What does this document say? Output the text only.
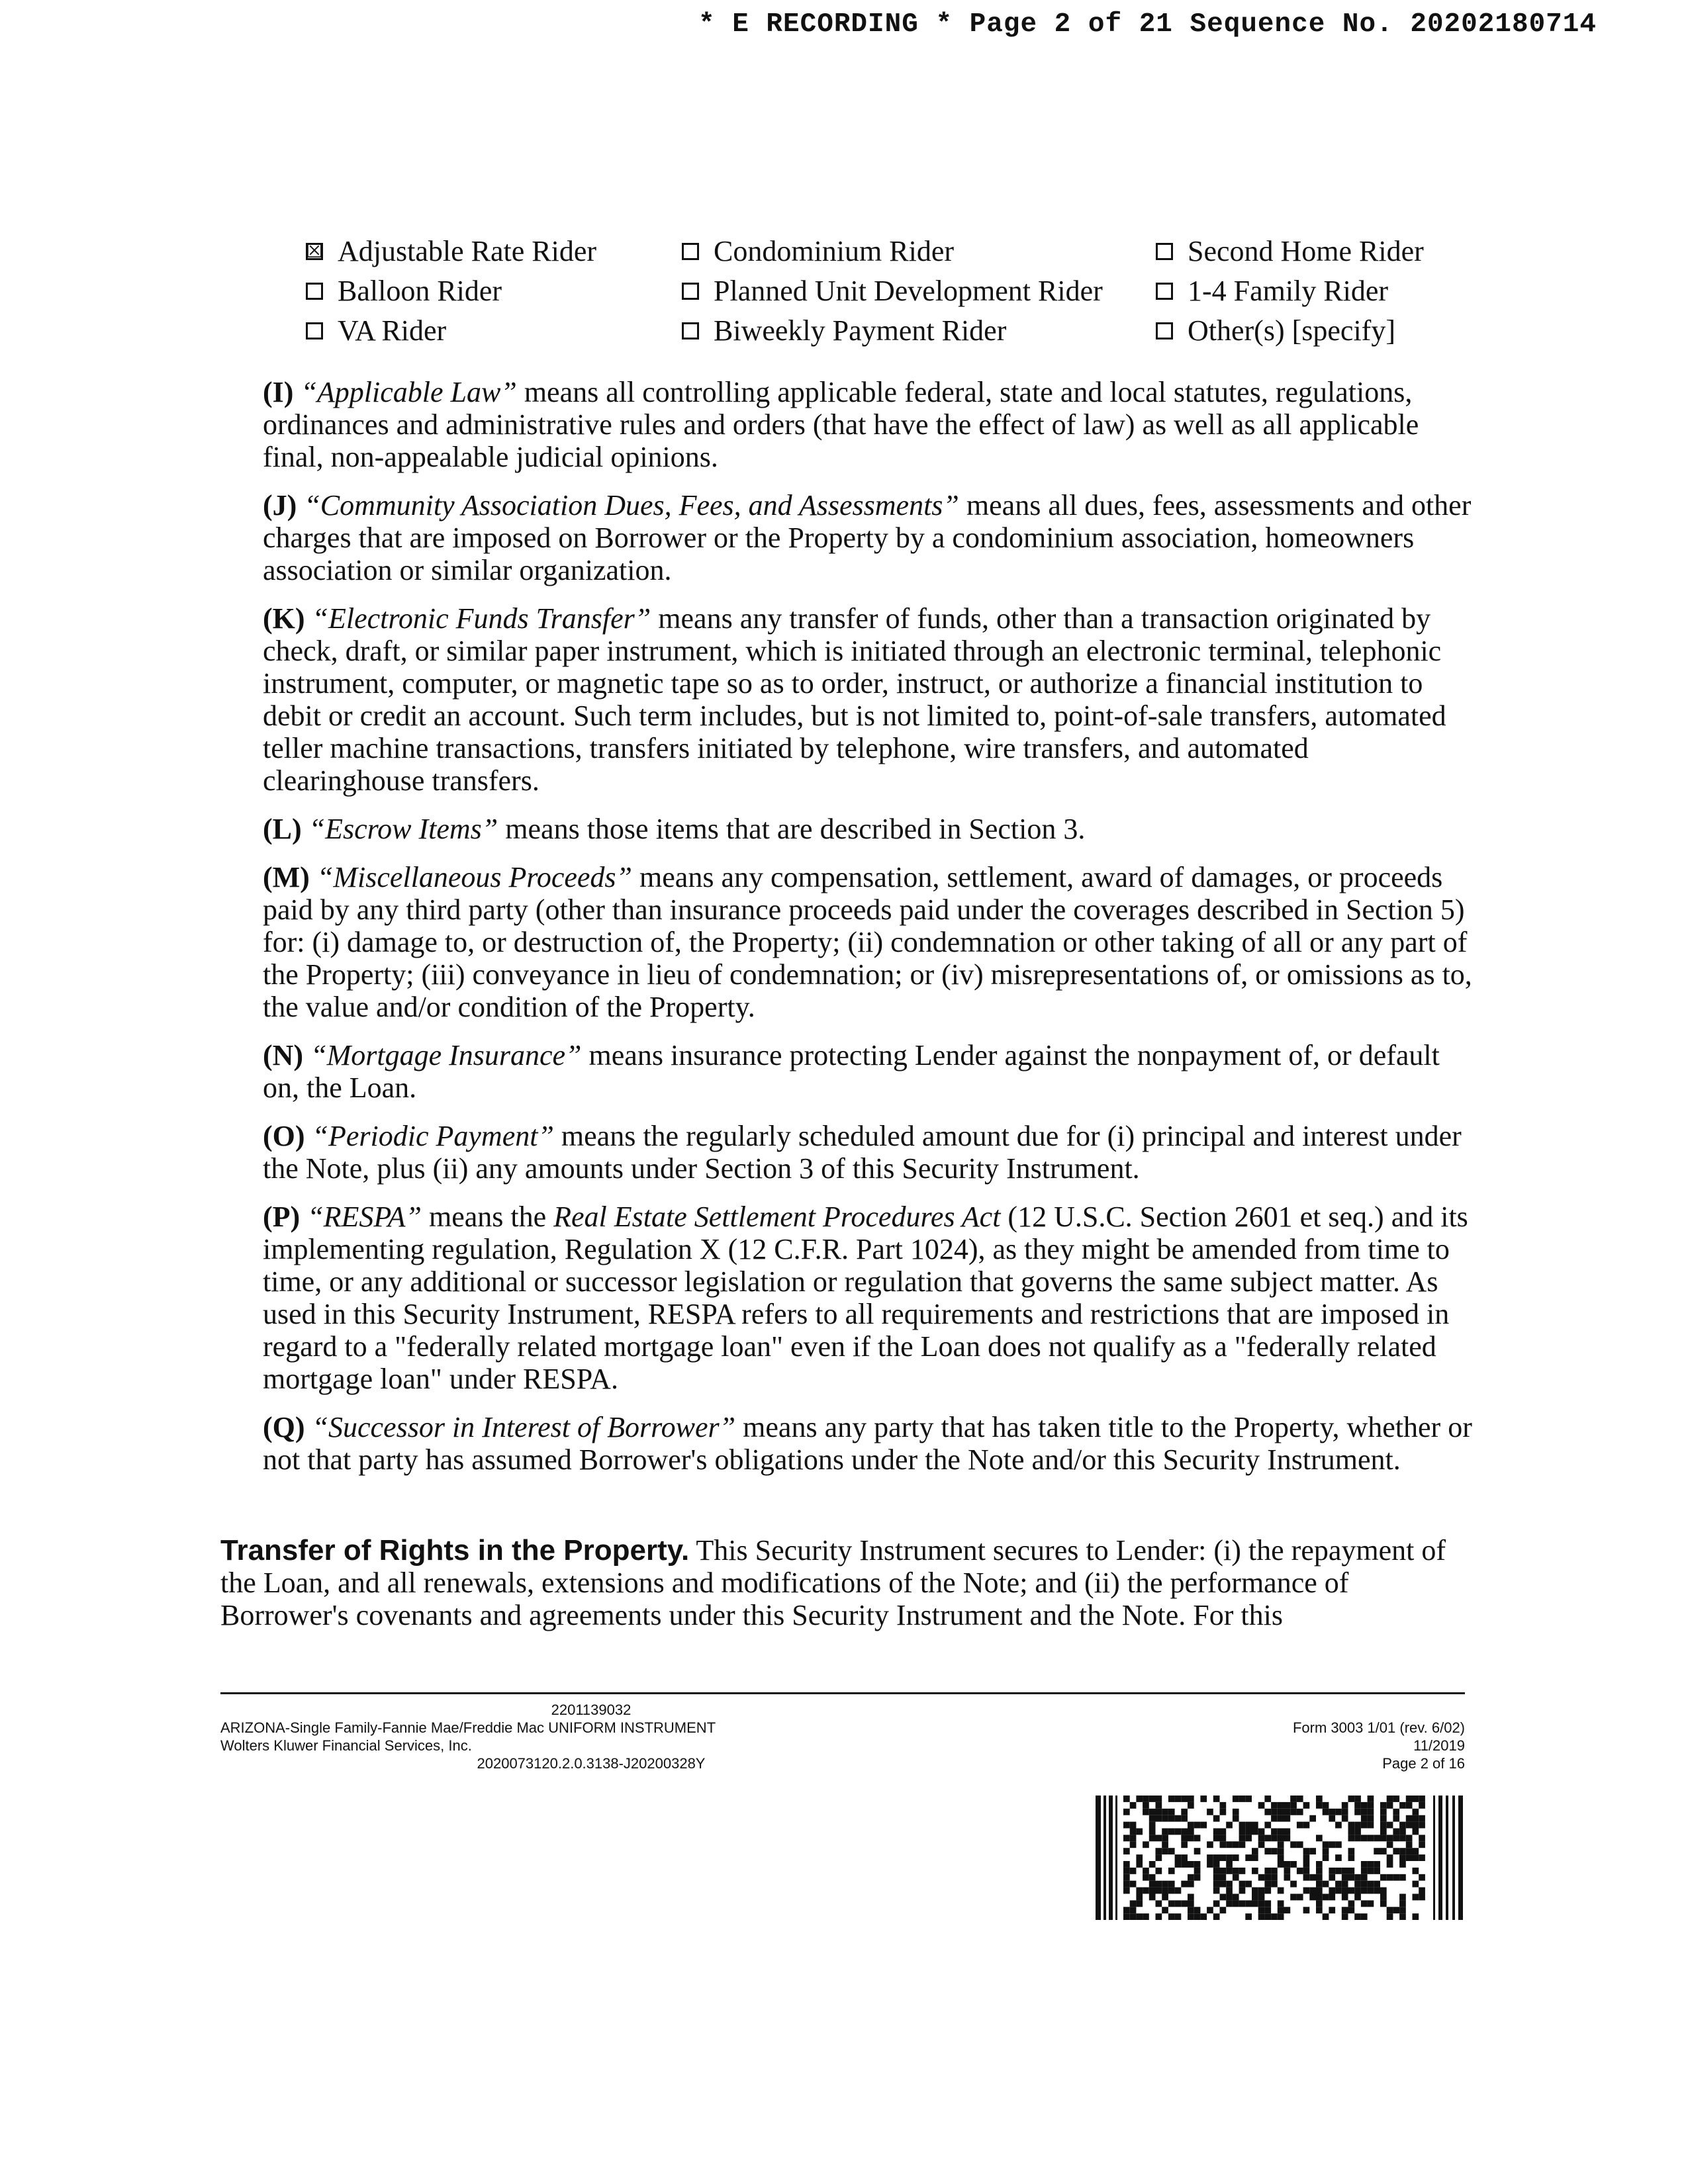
* E RECORDING * Page 2 of 21 Sequence No. 20202180714
☒ Adjustable Rate Rider	Condominium Rider	Second Home Rider
Balloon Rider	Planned Unit Development Rider	1-4 Family Rider
VA Rider	Biweekly Payment Rider	Other(s) [specify]

(I) “Applicable Law” means all controlling applicable federal, state and local statutes, regulations, ordinances and administrative rules and orders (that have the effect of law) as well as all applicable final, non-appealable judicial opinions.

(J) “Community Association Dues, Fees, and Assessments” means all dues, fees, assessments and other charges that are imposed on Borrower or the Property by a condominium association, homeowners association or similar organization.

(K) “Electronic Funds Transfer” means any transfer of funds, other than a transaction originated by check, draft, or similar paper instrument, which is initiated through an electronic terminal, telephonic instrument, computer, or magnetic tape so as to order, instruct, or authorize a financial institution to debit or credit an account. Such term includes, but is not limited to, point-of-sale transfers, automated teller machine transactions, transfers initiated by telephone, wire transfers, and automated clearinghouse transfers.

(L) “Escrow Items” means those items that are described in Section 3.

(M) “Miscellaneous Proceeds” means any compensation, settlement, award of damages, or proceeds paid by any third party (other than insurance proceeds paid under the coverages described in Section 5) for: (i) damage to, or destruction of, the Property; (ii) condemnation or other taking of all or any part of the Property; (iii) conveyance in lieu of condemnation; or (iv) misrepresentations of, or omissions as to, the value and/or condition of the Property.

(N) “Mortgage Insurance” means insurance protecting Lender against the nonpayment of, or default on, the Loan.

(O) “Periodic Payment” means the regularly scheduled amount due for (i) principal and interest under the Note, plus (ii) any amounts under Section 3 of this Security Instrument.

(P) “RESPA” means the Real Estate Settlement Procedures Act (12 U.S.C. Section 2601 et seq.) and its implementing regulation, Regulation X (12 C.F.R. Part 1024), as they might be amended from time to time, or any additional or successor legislation or regulation that governs the same subject matter. As used in this Security Instrument, RESPA refers to all requirements and restrictions that are imposed in regard to a "federally related mortgage loan" even if the Loan does not qualify as a "federally related mortgage loan" under RESPA.

(Q) “Successor in Interest of Borrower” means any party that has taken title to the Property, whether or not that party has assumed Borrower's obligations under the Note and/or this Security Instrument.

Transfer of Rights in the Property. This Security Instrument secures to Lender: (i) the repayment of the Loan, and all renewals, extensions and modifications of the Note; and (ii) the performance of Borrower's covenants and agreements under this Security Instrument and the Note. For this
2201139032
ARIZONA-Single Family-Fannie Mae/Freddie Mac UNIFORM INSTRUMENT
Wolters Kluwer Financial Services, Inc.
Form 3003 1/01 (rev. 6/02)
11/2019
Page 2 of 16
2020073120.2.0.3138-J20200328Y
